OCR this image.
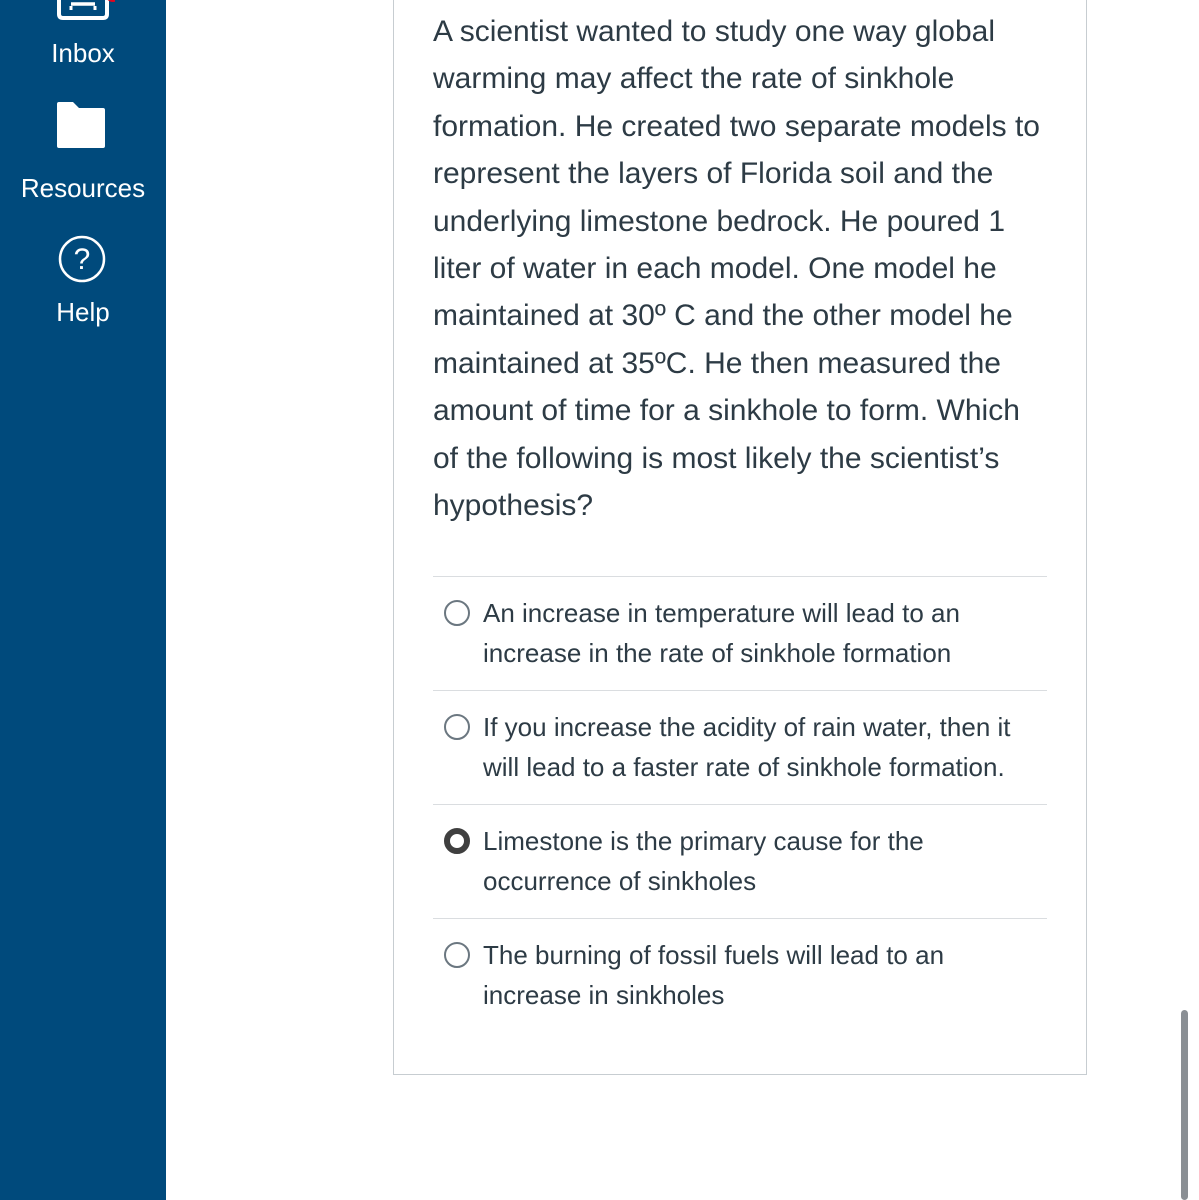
Inbox
Resources
?
Help

A scientist wanted to study one way global warming may affect the rate of sinkhole formation. He created two separate models to represent the layers of Florida soil and the underlying limestone bedrock. He poured 1 liter of water in each model. One model he maintained at 30º C and the other model he maintained at 35ºC. He then measured the amount of time for a sinkhole to form. Which of the following is most likely the scientist’s hypothesis?

An increase in temperature will lead to an increase in the rate of sinkhole formation
If you increase the acidity of rain water, then it will lead to a faster rate of sinkhole formation.
Limestone is the primary cause for the occurrence of sinkholes
The burning of fossil fuels will lead to an increase in sinkholes
